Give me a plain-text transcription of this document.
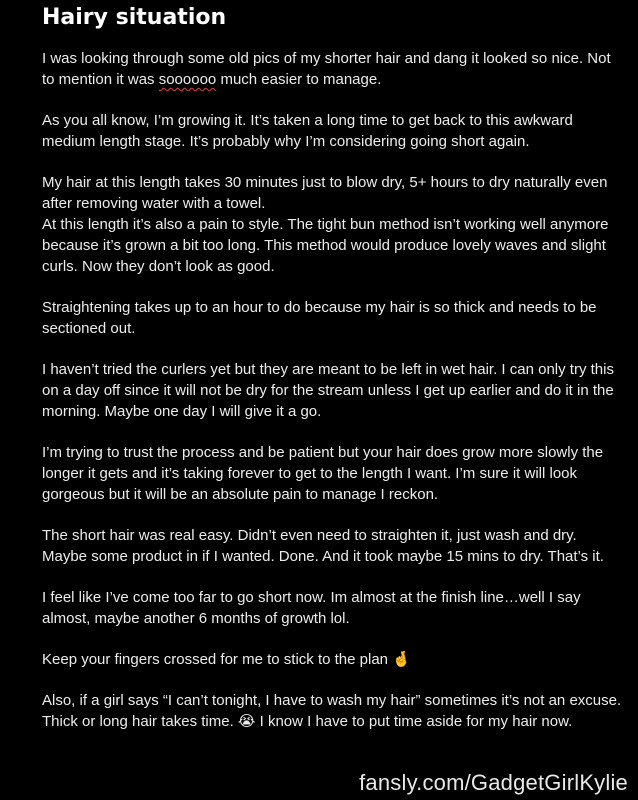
Hairy situation
I was looking through some old pics of my shorter hair and dang it looked so nice. Not to mention it was soooooo much easier to manage.
As you all know, I’m growing it. It’s taken a long time to get back to this awkward medium length stage. It’s probably why I’m considering going short again.
My hair at this length takes 30 minutes just to blow dry, 5+ hours to dry naturally even after removing water with a towel.
At this length it’s also a pain to style. The tight bun method isn’t working well anymore because it’s grown a bit too long. This method would produce lovely waves and slight curls. Now they don’t look as good.
Straightening takes up to an hour to do because my hair is so thick and needs to be sectioned out.
I haven’t tried the curlers yet but they are meant to be left in wet hair. I can only try this on a day off since it will not be dry for the stream unless I get up earlier and do it in the morning. Maybe one day I will give it a go.
I’m trying to trust the process and be patient but your hair does grow more slowly the longer it gets and it’s taking forever to get to the length I want. I’m sure it will look gorgeous but it will be an absolute pain to manage I reckon.
The short hair was real easy. Didn’t even need to straighten it, just wash and dry. Maybe some product in if I wanted. Done. And it took maybe 15 mins to dry. That’s it.
I feel like I’ve come too far to go short now. Im almost at the finish line…well I say almost, maybe another 6 months of growth lol.
Keep your fingers crossed for me to stick to the plan 🤞
Also, if a girl says “I can’t tonight, I have to wash my hair” sometimes it’s not an excuse. Thick or long hair takes time. 😭 I know I have to put time aside for my hair now.
fansly.com/GadgetGirlKylie
